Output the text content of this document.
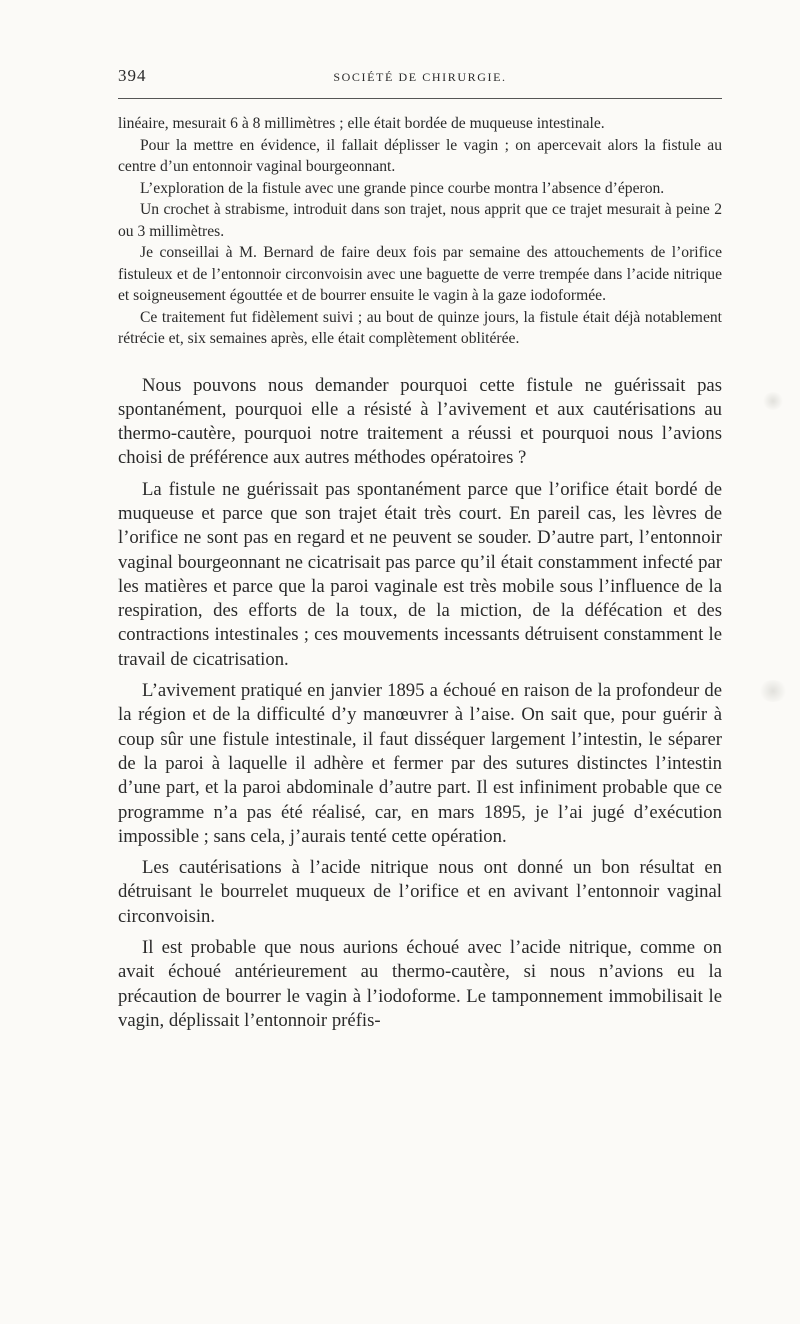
394	SOCIÉTÉ DE CHIRURGIE.

linéaire, mesurait 6 à 8 millimètres ; elle était bordée de muqueuse intestinale.

Pour la mettre en évidence, il fallait déplisser le vagin ; on apercevait alors la fistule au centre d’un entonnoir vaginal bourgeonnant.

L’exploration de la fistule avec une grande pince courbe montra l’absence d’éperon.

Un crochet à strabisme, introduit dans son trajet, nous apprit que ce trajet mesurait à peine 2 ou 3 millimètres.

Je conseillai à M. Bernard de faire deux fois par semaine des attouchements de l’orifice fistuleux et de l’entonnoir circonvoisin avec une baguette de verre trempée dans l’acide nitrique et soigneusement égouttée et de bourrer ensuite le vagin à la gaze iodoformée.

Ce traitement fut fidèlement suivi ; au bout de quinze jours, la fistule était déjà notablement rétrécie et, six semaines après, elle était complètement oblitérée.

Nous pouvons nous demander pourquoi cette fistule ne guérissait pas spontanément, pourquoi elle a résisté à l’avivement et aux cautérisations au thermo-cautère, pourquoi notre traitement a réussi et pourquoi nous l’avions choisi de préférence aux autres méthodes opératoires ?

La fistule ne guérissait pas spontanément parce que l’orifice était bordé de muqueuse et parce que son trajet était très court. En pareil cas, les lèvres de l’orifice ne sont pas en regard et ne peuvent se souder. D’autre part, l’entonnoir vaginal bourgeonnant ne cicatrisait pas parce qu’il était constamment infecté par les matières et parce que la paroi vaginale est très mobile sous l’influence de la respiration, des efforts de la toux, de la miction, de la défécation et des contractions intestinales ; ces mouvements incessants détruisent constamment le travail de cicatrisation.

L’avivement pratiqué en janvier 1895 a échoué en raison de la profondeur de la région et de la difficulté d’y manœuvrer à l’aise. On sait que, pour guérir à coup sûr une fistule intestinale, il faut disséquer largement l’intestin, le séparer de la paroi à laquelle il adhère et fermer par des sutures distinctes l’intestin d’une part, et la paroi abdominale d’autre part. Il est infiniment probable que ce programme n’a pas été réalisé, car, en mars 1895, je l’ai jugé d’exécution impossible ; sans cela, j’aurais tenté cette opération.

Les cautérisations à l’acide nitrique nous ont donné un bon résultat en détruisant le bourrelet muqueux de l’orifice et en avivant l’entonnoir vaginal circonvoisin.

Il est probable que nous aurions échoué avec l’acide nitrique, comme on avait échoué antérieurement au thermo-cautère, si nous n’avions eu la précaution de bourrer le vagin à l’iodoforme. Le tamponnement immobilisait le vagin, déplissait l’entonnoir préfis-
